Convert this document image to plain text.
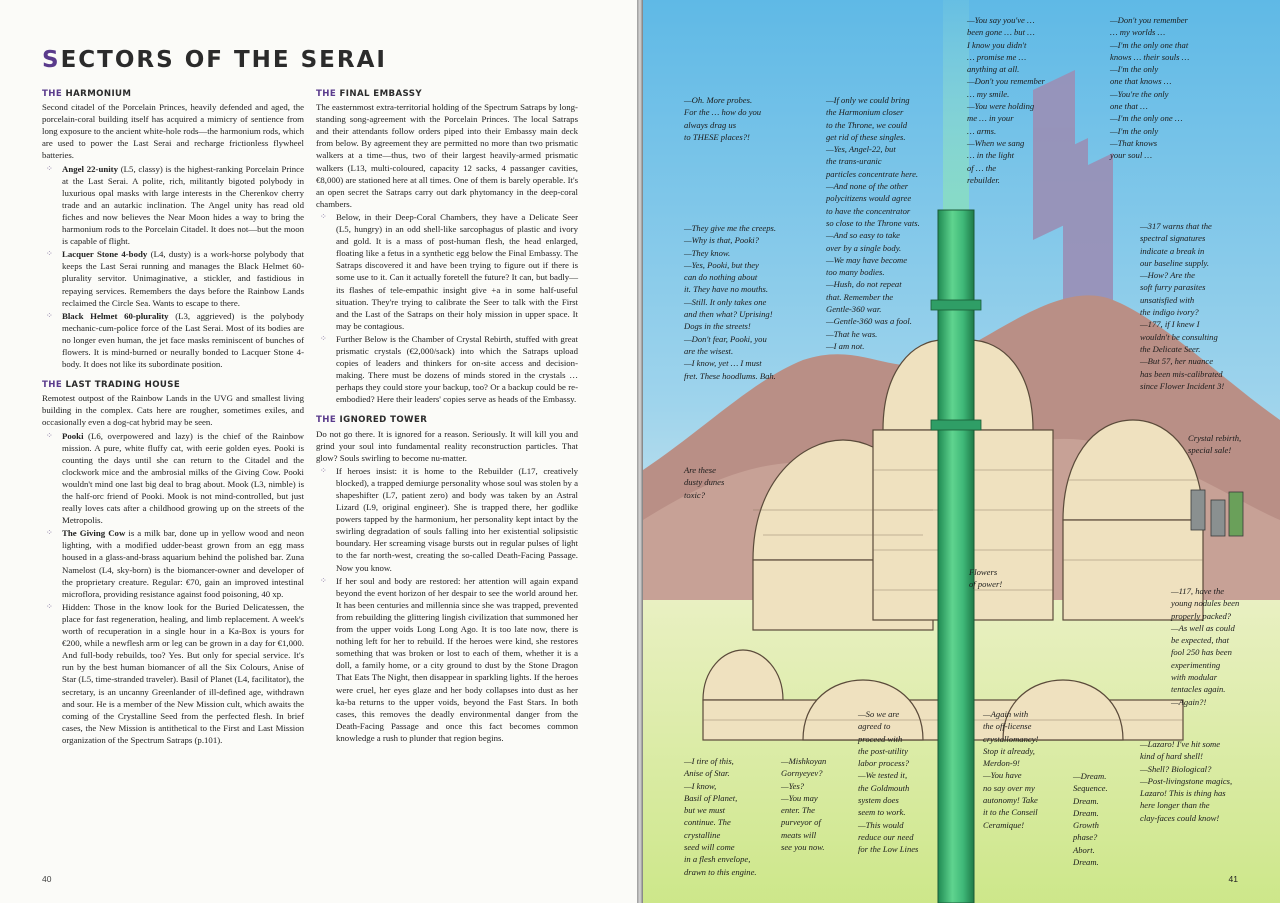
SECTORS OF THE SERAI
THE HARMONIUM

Second citadel of the Porcelain Princes, heavily defended and aged, the porcelain-coral building itself has acquired a mimicry of sentience from long exposure to the ancient white-hole rods—the harmonium rods, which are used to power the Last Serai and recharge frictionless flywheel batteries.

⁘ Angel 22-unity (L5, classy) is the highest-ranking Porcelain Prince at the Last Serai. A polite, rich, militantly bigoted polybody in luxurious opal masks with large interests in the Cherenkov cherry trade and an autarkic inclination. The Angel unity has read old fiches and now believes the Near Moon hides a way to bring the harmonium rods to the Porcelain Citadel. It does not—but the moon is capable of flight.
⁘ Lacquer Stone 4-body (L4, dusty) is a work-horse polybody that keeps the Last Serai running and manages the Black Helmet 60-plurality servitor. Unimaginative, a stickler, and fastidious in repaying services. Remembers the days before the Rainbow Lands reclaimed the Circle Sea. Wants to escape to there.
⁘ Black Helmet 60-plurality (L3, aggrieved) is the polybody mechanic-cum-police force of the Last Serai. Most of its bodies are no longer even human, the jet face masks reminiscent of bunches of flowers. It is mind-burned or neurally bonded to Lacquer Stone 4-body. It does not like its subordinate position.
THE LAST TRADING HOUSE

Remotest outpost of the Rainbow Lands in the UVG and smallest living building in the complex. Cats here are rougher, sometimes exiles, and occasionally even a dog-cat hybrid may be seen.

⁘ Pooki (L6, overpowered and lazy) is the chief of the Rainbow mission. A pure, white fluffy cat, with eerie golden eyes. Pooki is counting the days until she can return to the Citadel and the clockwork mice and the ambrosial milks of the Giving Cow. Pooki wouldn't mind one last big deal to brag about. Mook (L3, nimble) is the half-orc friend of Pooki. Mook is not mind-controlled, but just really loves cats after a childhood growing up on the streets of the Metropolis.
⁘ The Giving Cow is a milk bar, done up in yellow wood and neon lighting, with a modified udder-beast grown from an egg mass housed in a glass-and-brass aquarium behind the polished bar. Zuna Namelost (L4, sky-born) is the biomancer-owner and developer of the proprietary creature. Regular: €70, gain an improved intestinal microflora, providing resistance against food poisoning, 40 xp.
⁘ Hidden: Those in the know look for the Buried Delicatessen, the place for fast regeneration, healing, and limb replacement. A week's worth of recuperation in a single hour in a Ka-Box is yours for €200, while a newflesh arm or leg can be grown in a day for €1,000. And full-body rebuilds, too? Yes. But only for special service. It's run by the best human biomancer of all the Six Colours, Anise of Star (L5, time-stranded traveler). Basil of Planet (L4, facilitator), the secretary, is an uncanny Greenlander of ill-defined age, withdrawn and sour. He is a member of the New Mission cult, which awaits the coming of the Crystalline Seed from the perfected flesh. In brief cases, the New Mission is antithetical to the First and Last Mission organization of the Spectrum Satraps (p.101).
THE FINAL EMBASSY

The easternmost extra-territorial holding of the Spectrum Satraps by long-standing song-agreement with the Porcelain Princes. The local Satraps and their attendants follow orders piped into their Embassy main deck from below. By agreement they are permitted no more than two prismatic walkers at a time—thus, two of their largest heavily-armed prismatic walkers (L13, multi-coloured, capacity 12 sacks, 4 passanger cavities, €8,000) are stationed here at all times. One of them is barely operable. It's an open secret the Satraps carry out dark phytomancy in the deep-coral chambers.

⁘ Below, in their Deep-Coral Chambers, they have a Delicate Seer (L5, hungry) in an odd shell-like sarcophagus of plastic and ivory and gold. It is a mass of post-human flesh, the head enlarged, floating like a fetus in a synthetic egg below the Final Embassy. The Satraps discovered it and have been trying to figure out if there is some use to it. Can it actually foretell the future? It can, but badly—its flashes of tele-empathic insight give +a in some half-useful situation. They're trying to calibrate the Seer to talk with the First and the Last of the Satraps on their holy mission in upper space. It may be contagious.
⁘ Further Below is the Chamber of Crystal Rebirth, stuffed with great prismatic crystals (€2,000/sack) into which the Satraps upload copies of leaders and thinkers for on-site access and decision-making. There must be dozens of minds stored in the crystals … perhaps they could store your backup, too? Or a backup could be re-embodied? Here their leaders' copies serve as heads of the Embassy.
THE IGNORED TOWER

Do not go there. It is ignored for a reason. Seriously. It will kill you and grind your soul into fundamental reality reconstruction particles. That glow? Souls swirling to become nu-matter.

⁘ If heroes insist: it is home to the Rebuilder (L17, creatively blocked), a trapped demiurge personality whose soul was stolen by a shapeshifter (L7, patient zero) and body was taken by an Astral Lizard (L9, original engineer). She is trapped there, her godlike powers tapped by the harmonium, her personality kept intact by the swirling degradation of souls falling into her existential solipsistic boundary. Her screaming visage bursts out in regular pulses of light to the far north-west, creating the so-called Death-Facing Passage. Now you know.
⁘ If her soul and body are restored: her attention will again expand beyond the event horizon of her despair to see the world around her. It has been centuries and millennia since she was trapped, prevented from rebuilding the glittering lingish civilization that summoned her from the upper voids Long Long Ago. It is too late now, there is nothing left for her to rebuild. If the heroes were kind, she restores something that was broken or lost to each of them, whether it is a doll, a family home, or a city ground to dust by the Stone Dragon That Eats The Night, then disappear in sparkling lights. If the heroes were cruel, her eyes glaze and her body collapses into dust as her ka-ba returns to the upper voids, beyond the Fast Stars. In both cases, this removes the deadly environmental danger from the Death-Facing Passage and once this fact becomes common knowledge a rush to plunder that region begins.
40
—Oh. More probes.
For the … how do you
always drag us
to THESE places?!
—If only we could bring
the Harmonium closer
to the Throne, we could
get rid of these singles.
—Yes, Angel-22, but
the trans-uranic
particles concentrate here.
—And none of the other
polycitizens would agree
to have the concentrator
so close to the Throne vats.
—And so easy to take
over by a single body.
—We may have become
too many bodies.
—Hush, do not repeat
that. Remember the
Gentle-360 war.
—Gentle-360 was a fool.
—That he was.
—I am not.
—You say you've …
been gone … but …
I know you didn't
… promise me …
anything at all.
—Don't you remember
… my smile.
—You were holding
me … in your
… arms.
—When we sang
… in the light
of … the
rebuilder.
—Don't you remember
… my worlds …
—I'm the only one that
knows … their souls …
—I'm the only
one that knows …
—You're the only
one that …
—I'm the only one …
—I'm the only
—That knows
your soul …
—They give me the creeps.
—Why is that, Pooki?
—They know.
—Yes, Pooki, but they
can do nothing about
it. They have no mouths.
—Still. It only takes one
and then what? Uprising!
Dogs in the streets!
—Don't fear, Pooki, you
are the wisest.
—I know, yet … I must
fret. These hoodlums. Bah.
—317 warns that the
spectral signatures
indicate a break in
our baseline supply.
—How? Are the
soft furry parasites
unsatisfied with
the indigo ivory?
—177, if I knew I
wouldn't be consulting
the Delicate Seer.
—But 57, her nuance
has been mis-calibrated
since Flower Incident 3!
Crystal rebirth,
special sale!
Are these
dusty dunes
toxic?
Flowers
of power!
—117, have the
young nodules been
properly packed?
—As well as could
be expected, that
fool 250 has been
experimenting
with modular
tentacles again.
—Again?!
—So we are
agreed to
proceed with
the post-utility
labor process?
—We tested it,
the Goldmouth
system does
seem to work.
—This would
reduce our need
for the Low Lines
—Again with
the off-license
crystallomancy!
Stop it already,
Merdon-9!
—You have
no say over my
autonomy! Take
it to the Conseil
Ceramique!
—Lazaro! I've hit some
kind of hard shell!
—Shell? Biological?
—Post-livingstone magics,
Lazaro! This is thing has
here longer than the
clay-faces could know!
—I tire of this,
Anise of Star.
—I know,
Basil of Planet,
but we must
continue. The
crystalline
seed will come
in a flesh envelope,
drawn to this engine.
—Mishkoyan
Gornyeyev?
—Yes?
—You may
enter. The
purveyor of
meats will
see you now.
—Dream.
Sequence.
Dream.
Dream.
Growth
phase?
Abort.
Dream.
41
